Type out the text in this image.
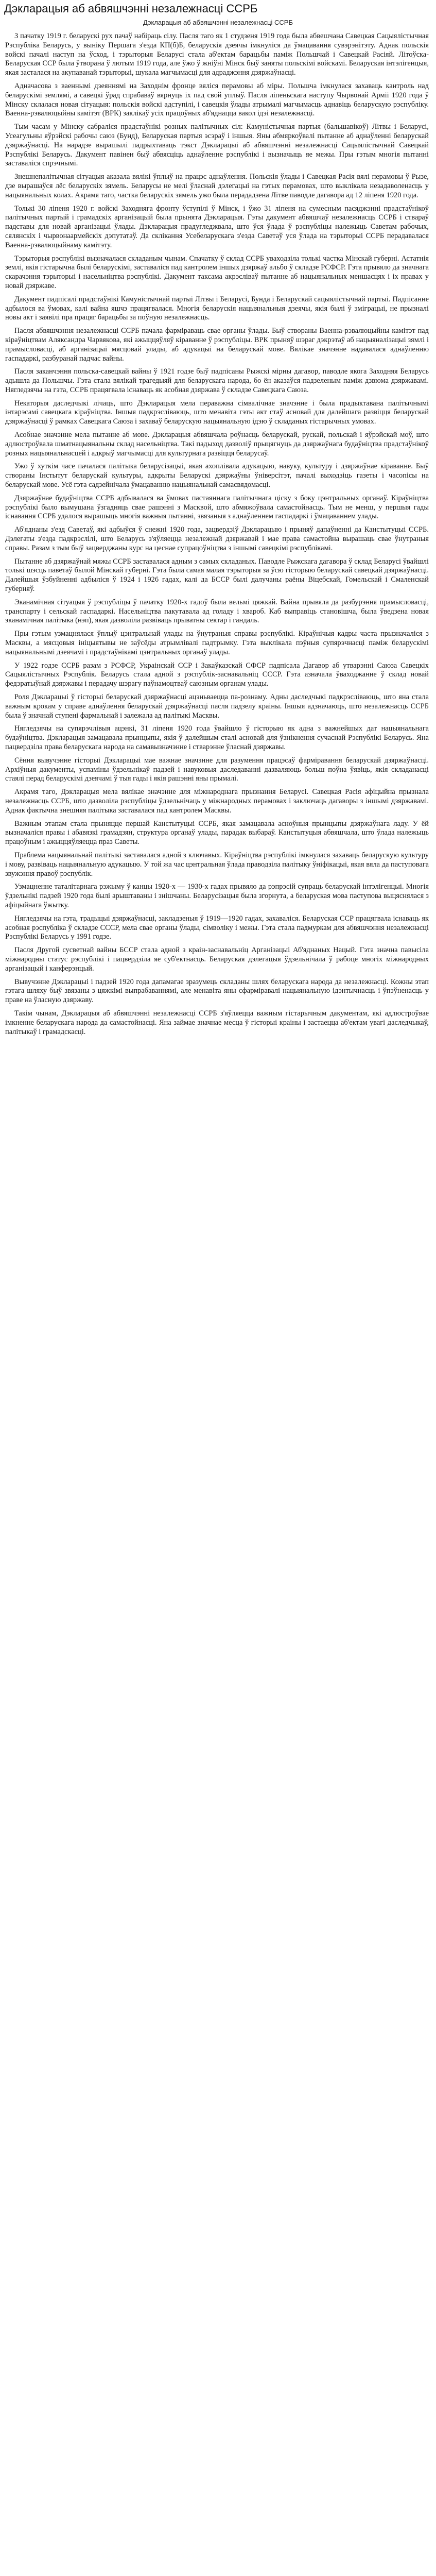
Дэкларацыя аб абвяшчэнні незалежнасці ССРБ
Дэкларацыя аб абвяшчэнні незалежнасці ССРБ

З пачатку 1919 г. беларускі рух пачаў набіраць сілу. Пасля таго як 1 студзеня 1919 года была абвешчана Савецкая Сацыялістычная Рэспубліка Беларусь, у выніку Першага з'езда КП(б)Б, беларускія дзеячы імкнуліся да ўмацавання сувэрэнітэту. Аднак польскія войскі пачалі наступ на ўсход, і тэрыторыя Беларусі стала аб'ектам барацьбы паміж Польшчай і Савецкай Расіяй. Літоўска-Беларуская ССР была ўтворана ў лютым 1919 года, але ўжо ў жніўні Мінск быў заняты польскімі войскамі. Беларуская інтэлігенцыя, якая засталася на акупаванай тэрыторыі, шукала магчымасці для адраджэння дзяржаўнасці.

Адначасова з ваеннымі дзеяннямі на Заходнім фронце вяліся перамовы аб міры. Польшча імкнулася захаваць кантроль над беларускімі землямі, а савецкі ўрад спрабаваў вярнуць іх пад свой уплыў. Пасля ліпеньскага наступу Чырвонай Арміі 1920 года ў Мінску склалася новая сітуацыя: польскія войскі адступілі, і савецкія ўлады атрымалі магчымасць аднавіць беларускую рэспубліку. Ваенна-рэвалюцыйны камітэт (ВРК) заклікаў усіх працоўных аб'яднацца вакол ідэі незалежнасці.

Тым часам у Мінску сабраліся прадстаўнікі розных палітычных сіл: Камуністычная партыя (бальшавікоў) Літвы і Беларусі, Усеагульны яўрэйскі рабочы саюз (Бунд), Беларуская партыя эсэраў і іншыя. Яны абмяркоўвалі пытанне аб аднаўленні беларускай дзяржаўнасці. На нарадзе вырашылі падрыхтаваць тэкст Дэкларацыі аб абвяшчэнні незалежнасці Сацыялістычнай Савецкай Рэспублікі Беларусь. Дакумент павінен быў абвясціць аднаўленне рэспублікі і вызначыць яе межы. Пры гэтым многія пытанні заставаліся спрэчнымі.

Знешнепалітычная сітуацыя аказала вялікі ўплыў на працэс аднаўлення. Польскія ўлады і Савецкая Расія вялі перамовы ў Рызе, дзе вырашаўся лёс беларускіх зямель. Беларусы не мелі ўласнай дэлегацыі на гэтых перамовах, што выклікала незадаволенасць у нацыянальных колах. Акрамя таго, частка беларускіх зямель ужо была перададзена Літве паводле дагавора ад 12 ліпеня 1920 года.

Толькі 30 ліпеня 1920 г. войскі Заходняга фронту ўступілі ў Мінск, і ўжо 31 ліпеня на сумесным пасяджэнні прадстаўнікоў палітычных партый і грамадскіх арганізацый была прынята Дэкларацыя. Гэты дакумент абвяшчаў незалежнасць ССРБ і ствараў падставы для новай арганізацыі ўлады. Дэкларацыя прадугледжвала, што ўся ўлада ў рэспубліцы належыць Саветам рабочых, сялянскіх і чырвонаармейскіх дэпутатаў. Да склікання Усебеларускага з'езда Саветаў уся ўлада на тэрыторыі ССРБ перадавалася Ваенна-рэвалюцыйнаму камітэту.

Тэрыторыя рэспублікі вызначалася складаным чынам. Спачатку ў склад ССРБ уваходзіла толькі частка Мінскай губерні. Астатнія землі, якія гістарычна былі беларускімі, заставаліся пад кантролем іншых дзяржаў альбо ў складзе РСФСР. Гэта прывяло да значнага скарачэння тэрыторыі і насельніцтва рэспублікі. Дакумент таксама акрэсліваў пытанне аб нацыянальных меншасцях і іх правах у новай дзяржаве.

Дакумент падпісалі прадстаўнікі Камуністычнай партыі Літвы і Беларусі, Бунда і Беларускай сацыялістычнай партыі. Падпісанне адбылося ва ўмовах, калі вайна яшчэ працягвалася. Многія беларускія нацыянальныя дзеячы, якія былі ў эміграцыі, не прызналі новы акт і заявілі пра працяг барацьбы за поўную незалежнасць.

Пасля абвяшчэння незалежнасці ССРБ пачала фарміраваць свае органы ўлады. Быў створаны Ваенна-рэвалюцыйны камітэт пад кіраўніцтвам Аляксандра Чарвякова, які ажыццяўляў кіраванне ў рэспубліцы. ВРК прыняў шэраг дэкрэтаў аб нацыяналізацыі зямлі і прамысловасці, аб арганізацыі мясцовай улады, аб адукацыі на беларускай мове. Вялікае значэнне надавалася аднаўленню гаспадаркі, разбуранай падчас вайны.

Пасля заканчэння польска-савецкай вайны ў 1921 годзе быў падпісаны Рыжскі мірны дагавор, паводле якога Заходняя Беларусь адышла да Польшчы. Гэта стала вялікай трагедыяй для беларускага народа, бо ён аказаўся падзеленым паміж дзвюма дзяржавамі. Нягледзячы на гэта, ССРБ працягвала існаваць як асобная дзяржава ў складзе Савецкага Саюза.

Некаторыя даследчыкі лічаць, што Дэкларацыя мела пераважна сімвалічнае значэнне і была прадыктавана палітычнымі інтарэсамі савецкага кіраўніцтва. Іншыя падкрэсліваюць, што менавіта гэты акт стаў асновай для далейшага развіцця беларускай дзяржаўнасці ў рамках Савецкага Саюза і захаваў беларускую нацыянальную ідэю ў складаных гістарычных умовах.

Асобнае значэнне мела пытанне аб мове. Дэкларацыя абвяшчала роўнасць беларускай, рускай, польскай і яўрэйскай моў, што адлюстроўвала шматнацыянальны склад насельніцтва. Такі падыход дазволіў прыцягнуць да дзяржаўнага будаўніцтва прадстаўнікоў розных нацыянальнасцей і адкрыў магчымасці для культурнага развіцця беларусаў.

Ужо ў хуткім часе пачалася палітыка беларусізацыі, якая ахоплівала адукацыю, навуку, культуру і дзяржаўнае кіраванне. Быў створаны Інстытут беларускай культуры, адкрыты Беларускі дзяржаўны ўніверсітэт, пачалі выходзіць газеты і часопісы на беларускай мове. Усё гэта садзейнічала ўмацаванню нацыянальнай самасвядомасці.

Дзяржаўнае будаўніцтва ССРБ адбывалася ва ўмовах пастаяннага палітычнага ціску з боку цэнтральных органаў. Кіраўніцтва рэспублікі было вымушана ўзгадняць свае рашэнні з Масквой, што абмяжоўвала самастойнасць. Тым не менш, у першыя гады існавання ССРБ удалося вырашыць многія важныя пытанні, звязаныя з аднаўленнем гаспадаркі і ўмацаваннем улады.

Аб'яднаны з'езд Саветаў, які адбыўся ў снежні 1920 года, зацвердзіў Дэкларацыю і прыняў дапаўненні да Канстытуцыі ССРБ. Дэлегаты з'езда падкрэслілі, што Беларусь з'яўляецца незалежнай дзяржавай і мае права самастойна вырашаць свае ўнутраныя справы. Разам з тым быў зацверджаны курс на цеснае супрацоўніцтва з іншымі савецкімі рэспублікамі.

Пытанне аб дзяржаўнай мяжы ССРБ заставалася адным з самых складаных. Паводле Рыжскага дагавора ў склад Беларусі ўвайшлі толькі шэсць паветаў былой Мінскай губерні. Гэта была самая малая тэрыторыя за ўсю гісторыю беларускай савецкай дзяржаўнасці. Далейшыя ўзбуйненні адбыліся ў 1924 і 1926 гадах, калі да БССР былі далучаны раёны Віцебскай, Гомельскай і Смаленскай губерняў.

Эканамічная сітуацыя ў рэспубліцы ў пачатку 1920-х гадоў была вельмі цяжкай. Вайна прывяла да разбурэння прамысловасці, транспарту і сельскай гаспадаркі. Насельніцтва пакутавала ад голаду і хвароб. Каб выправіць становішча, была ўведзена новая эканамічная палітыка (нэп), якая дазволіла развіваць прыватны сектар і гандаль.

Пры гэтым узмацнялася ўплыў цэнтральнай улады на ўнутраныя справы рэспублікі. Кіраўнічыя кадры часта прызначаліся з Масквы, а мясцовыя ініцыятывы не заўсёды атрымлівалі падтрымку. Гэта выклікала пэўныя супярэчнасці паміж беларускімі нацыянальнымі дзеячамі і прадстаўнікамі цэнтральных органаў улады.

У 1922 годзе ССРБ разам з РСФСР, Украінскай ССР і Закаўказскай СФСР падпісала Дагавор аб утварэнні Саюза Савецкіх Сацыялістычных Рэспублік. Беларусь стала адной з рэспублік-заснавальніц СССР. Гэта азначала ўваходжанне ў склад новай федэратыўнай дзяржавы і перадачу шэрагу паўнамоцтваў саюзным органам улады.

Роля Дэкларацыі ў гісторыі беларускай дзяржаўнасці ацэньваецца па-рознаму. Адны даследчыкі падкрэсліваюць, што яна стала важным крокам у справе аднаўлення беларускай дзяржаўнасці пасля падзелу краіны. Іншыя адзначаюць, што незалежнасць ССРБ была ў значнай ступені фармальнай і залежала ад палітыкі Масквы.

Нягледзячы на супярэчлівыя ацэнкі, 31 ліпеня 1920 года ўвайшло ў гісторыю як адна з важнейшых дат нацыянальнага будаўніцтва. Дэкларацыя замацавала прынцыпы, якія ў далейшым сталі асновай для ўзнікнення сучаснай Рэспублікі Беларусь. Яна пацвердзіла права беларускага народа на самавызначэнне і стварэнне ўласнай дзяржавы.

Сёння вывучэнне гісторыі Дэкларацыі мае важнае значэнне для разумення працэсаў фарміравання беларускай дзяржаўнасці. Архіўныя дакументы, успаміны ўдзельнікаў падзей і навуковыя даследаванні дазваляюць больш поўна ўявіць, якія складанасці стаялі перад беларускімі дзеячамі ў тыя гады і якія рашэнні яны прымалі.

Акрамя таго, Дэкларацыя мела вялікае значэнне для міжнароднага прызнання Беларусі. Савецкая Расія афіцыйна прызнала незалежнасць ССРБ, што дазволіла рэспубліцы ўдзельнічаць у міжнародных перамовах і заключаць дагаворы з іншымі дзяржавамі. Аднак фактычна знешняя палітыка заставалася пад кантролем Масквы.

Важным этапам стала прыняцце першай Канстытуцыі ССРБ, якая замацавала асноўныя прынцыпы дзяржаўнага ладу. У ёй вызначаліся правы і абавязкі грамадзян, структура органаў улады, парадак выбараў. Канстытуцыя абвяшчала, што ўлада належыць працоўным і ажыццяўляецца праз Саветы.

Праблема нацыянальнай палітыкі заставалася адной з ключавых. Кіраўніцтва рэспублікі імкнулася захаваць беларускую культуру і мову, развіваць нацыянальную адукацыю. У той жа час цэнтральная ўлада праводзіла палітыку ўніфікацыі, якая вяла да паступовага звужэння правоў рэспублік.

Узмацненне таталітарнага рэжыму ў канцы 1920-х — 1930-х гадах прывяло да рэпрэсій супраць беларускай інтэлігенцыі. Многія ўдзельнікі падзей 1920 года былі арыштаваны і знішчаны. Беларусізацыя была згорнута, а беларуская мова паступова выцяснялася з афіцыйнага ўжытку.

Нягледзячы на гэта, традыцыі дзяржаўнасці, закладзеныя ў 1919—1920 гадах, захаваліся. Беларуская ССР працягвала існаваць як асобная рэспубліка ў складзе СССР, мела свае органы ўлады, сімволіку і межы. Гэта стала падмуркам для абвяшчэння незалежнасці Рэспублікі Беларусь у 1991 годзе.

Пасля Другой сусветнай вайны БССР стала адной з краін-заснавальніц Арганізацыі Аб'яднаных Нацый. Гэта значна павысіла міжнародны статус рэспублікі і пацвердзіла яе суб'ектнасць. Беларуская дэлегацыя ўдзельнічала ў рабоце многіх міжнародных арганізацый і канферэнцый.

Вывучэнне Дэкларацыі і падзей 1920 года дапамагае зразумець складаны шлях беларускага народа да незалежнасці. Кожны этап гэтага шляху быў звязаны з цяжкімі выпрабаваннямі, але менавіта яны сфарміравалі нацыянальную ідэнтычнасць і ўпэўненасць у праве на ўласную дзяржаву.

Такім чынам, Дэкларацыя аб абвяшчэнні незалежнасці ССРБ з'яўляецца важным гістарычным дакументам, які адлюстроўвае імкненне беларускага народа да самастойнасці. Яна займае значнае месца ў гісторыі краіны і застаецца аб'ектам увагі даследчыкаў, палітыкаў і грамадскасці.
